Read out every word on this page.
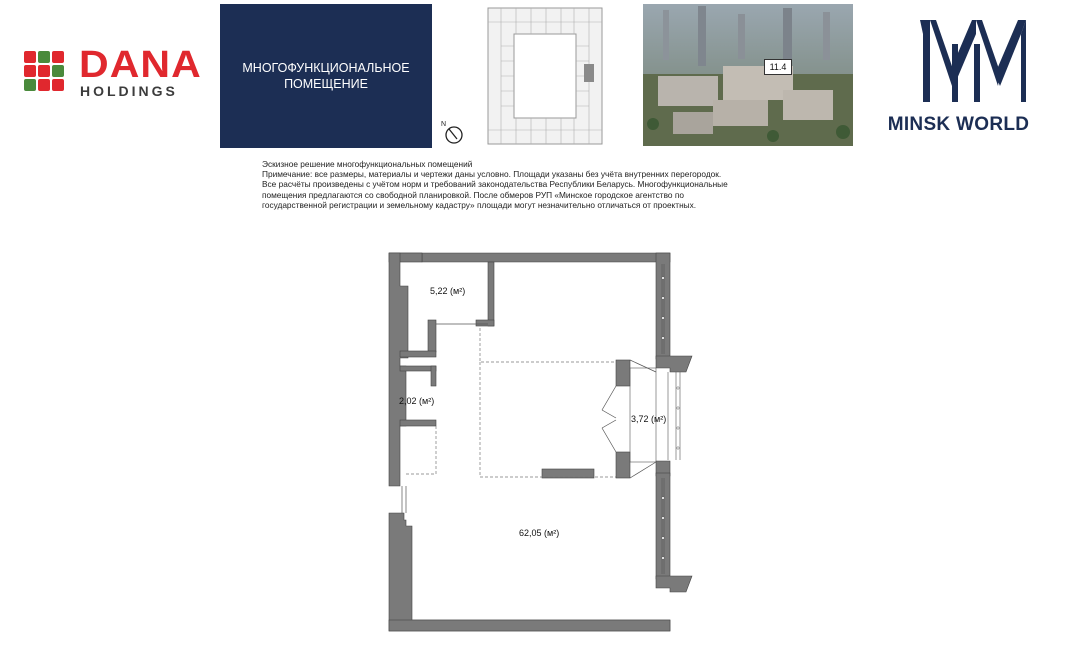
DANA
HOLDINGS
МНОГОФУНКЦИОНАЛЬНОЕ
ПОМЕЩЕНИЕ
N
11.4
MINSK WORLD

Эскизное решение многофункциональных помещений

Примечание: все размеры, материалы и чертежи даны условно. Площади указаны без учёта внутренних перегородок.

Все расчёты произведены с учётом норм и требований законодательства Республики Беларусь. Многофункциональные

помещения предлагаются со свободной планировкой. После обмеров РУП «Минское городское агентство по

государственной регистрации и земельному кадастру» площади могут незначительно отличаться от проектных.

5,22 (м²)
2,02 (м²)
3,72 (м²)
62,05 (м²)
